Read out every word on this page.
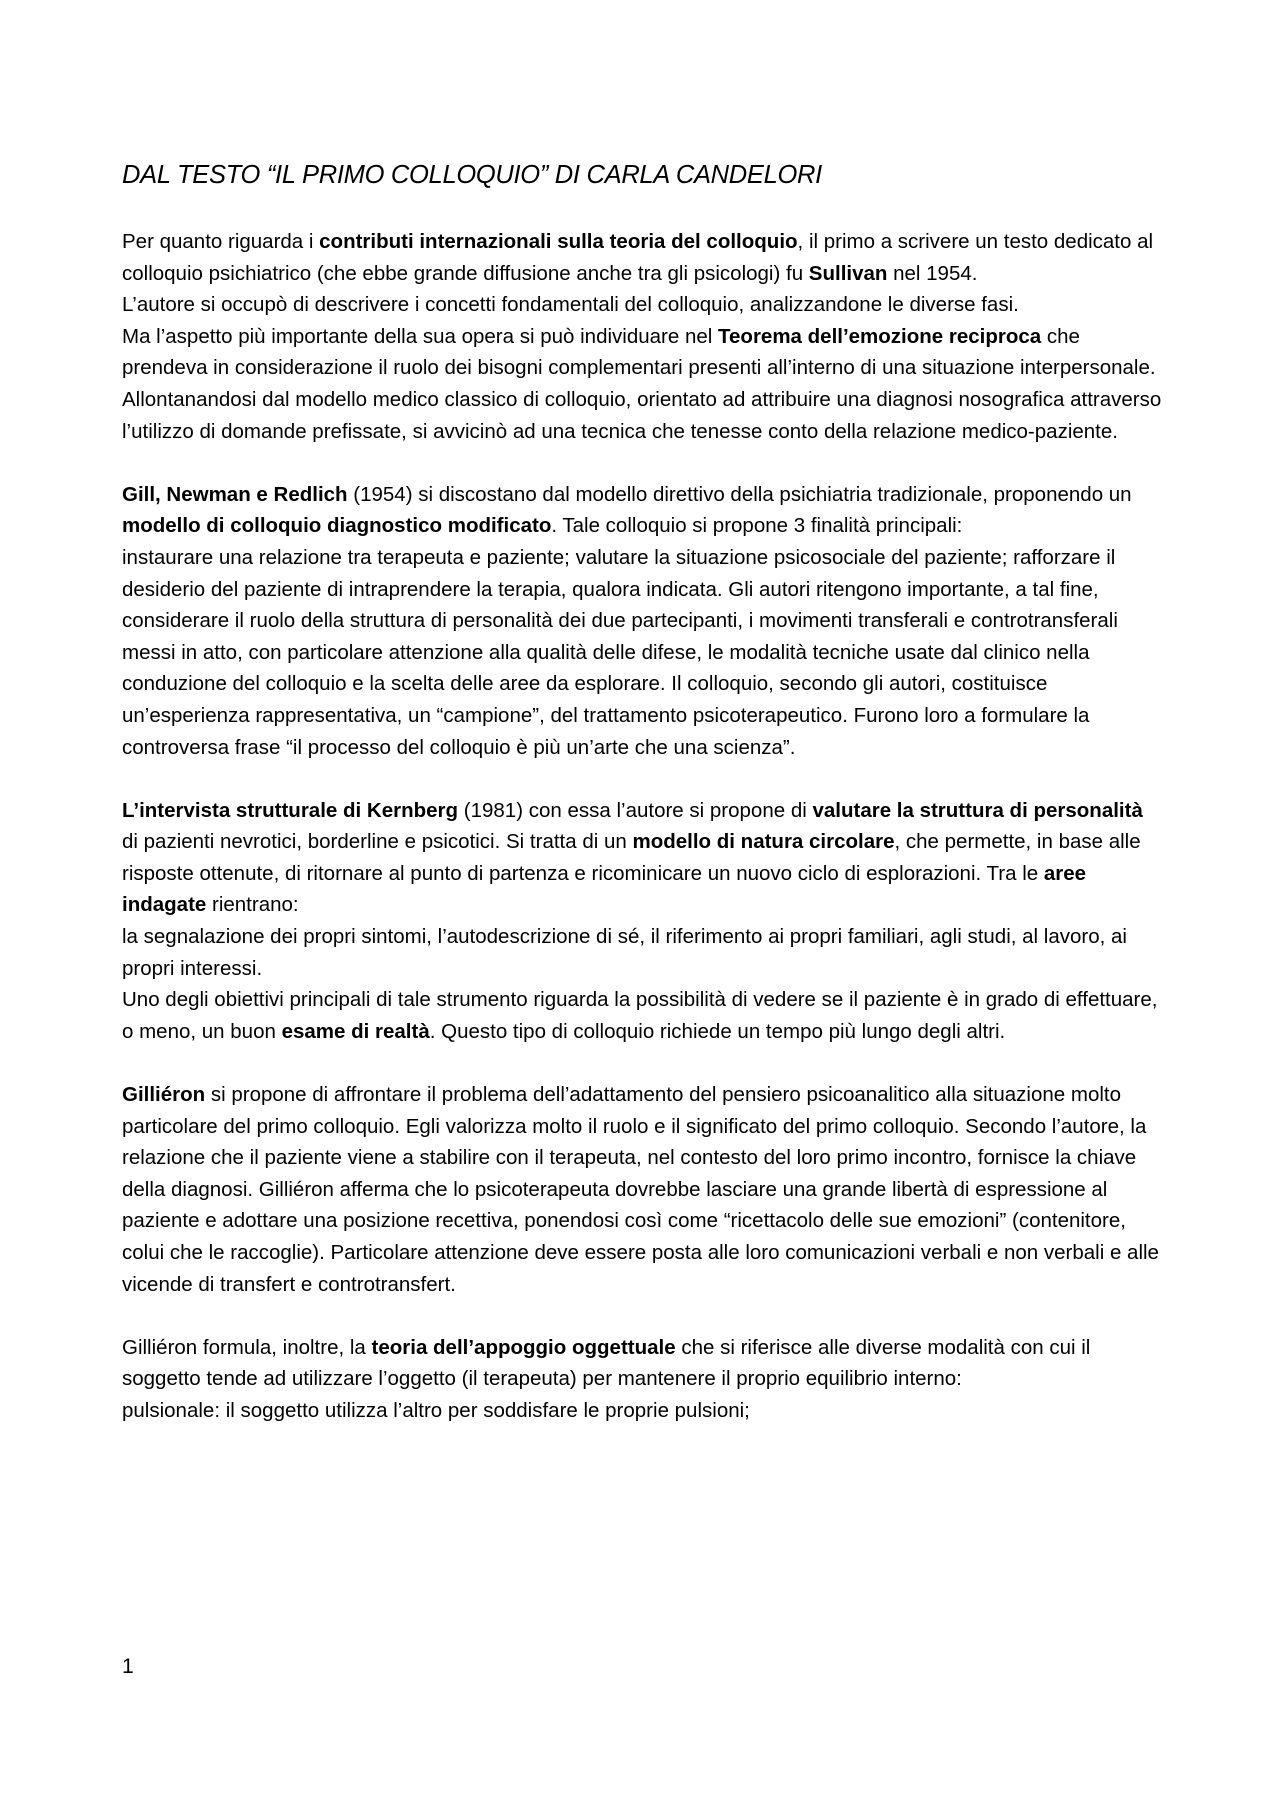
DAL TESTO “IL PRIMO COLLOQUIO” DI CARLA CANDELORI

Per quanto riguarda i contributi internazionali sulla teoria del colloquio, il primo a scrivere un testo dedicato al colloquio psichiatrico (che ebbe grande diffusione anche tra gli psicologi) fu Sullivan nel 1954.

L’autore si occupò di descrivere i concetti fondamentali del colloquio, analizzandone le diverse fasi.

Ma l’aspetto più importante della sua opera si può individuare nel Teorema dell’emozione reciproca che prendeva in considerazione il ruolo dei bisogni complementari presenti all’interno di una situazione interpersonale. Allontanandosi dal modello medico classico di colloquio, orientato ad attribuire una diagnosi nosografica attraverso l’utilizzo di domande prefissate, si avvicinò ad una tecnica che tenesse conto della relazione medico-paziente.

Gill, Newman e Redlich (1954) si discostano dal modello direttivo della psichiatria tradizionale, proponendo un modello di colloquio diagnostico modificato. Tale colloquio si propone 3 finalità principali:

instaurare una relazione tra terapeuta e paziente; valutare la situazione psicosociale del paziente; rafforzare il desiderio del paziente di intraprendere la terapia, qualora indicata. Gli autori ritengono importante, a tal fine, considerare il ruolo della struttura di personalità dei due partecipanti, i movimenti transferali e controtransferali messi in atto, con particolare attenzione alla qualità delle difese, le modalità tecniche usate dal clinico nella conduzione del colloquio e la scelta delle aree da esplorare. Il colloquio, secondo gli autori, costituisce un’esperienza rappresentativa, un “campione”, del trattamento psicoterapeutico. Furono loro a formulare la controversa frase “il processo del colloquio è più un’arte che una scienza”.

L’intervista strutturale di Kernberg (1981) con essa l’autore si propone di valutare la struttura di personalità di pazienti nevrotici, borderline e psicotici. Si tratta di un modello di natura circolare, che permette, in base alle risposte ottenute, di ritornare al punto di partenza e ricominicare un nuovo ciclo di esplorazioni. Tra le aree indagate rientrano:

la segnalazione dei propri sintomi, l’autodescrizione di sé, il riferimento ai propri familiari, agli studi, al lavoro, ai propri interessi.

Uno degli obiettivi principali di tale strumento riguarda la possibilità di vedere se il paziente è in grado di effettuare, o meno, un buon esame di realtà. Questo tipo di colloquio richiede un tempo più lungo degli altri.

Gilliéron si propone di affrontare il problema dell’adattamento del pensiero psicoanalitico alla situazione molto particolare del primo colloquio. Egli valorizza molto il ruolo e il significato del primo colloquio. Secondo l’autore, la relazione che il paziente viene a stabilire con il terapeuta, nel contesto del loro primo incontro, fornisce la chiave della diagnosi. Gilliéron afferma che lo psicoterapeuta dovrebbe lasciare una grande libertà di espressione al paziente e adottare una posizione recettiva, ponendosi così come “ricettacolo delle sue emozioni” (contenitore, colui che le raccoglie). Particolare attenzione deve essere posta alle loro comunicazioni verbali e non verbali e alle vicende di transfert e controtransfert.

Gilliéron formula, inoltre, la teoria dell’appoggio oggettuale che si riferisce alle diverse modalità con cui il soggetto tende ad utilizzare l’oggetto (il terapeuta) per mantenere il proprio equilibrio interno:

pulsionale: il soggetto utilizza l’altro per soddisfare le proprie pulsioni;

1
